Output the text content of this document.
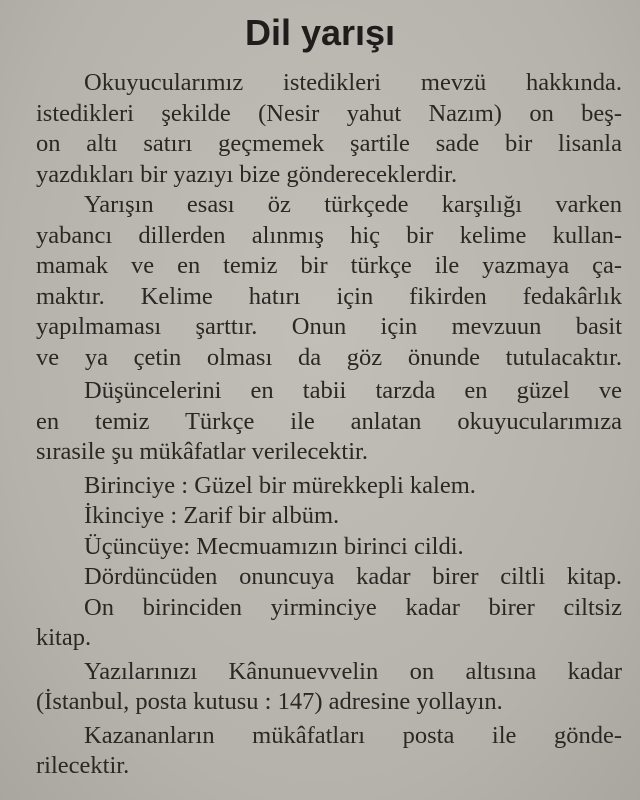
Dil yarışı
Okuyucularımız istedikleri mevzü hakkında.
istedikleri şekilde (Nesir yahut Nazım) on beş-
on altı satırı geçmemek şartile sade bir lisanla
yazdıkları bir yazıyı bize göndereceklerdir.
Yarışın esası öz türkçede karşılığı varken
yabancı dillerden alınmış hiç bir kelime kullan-
mamak ve en temiz bir türkçe ile yazmaya ça-
maktır. Kelime hatırı için fikirden fedakârlık
yapılmaması şarttır. Onun için mevzuun basit
ve ya çetin olması da göz önunde tutulacaktır.
Düşüncelerini en tabii tarzda en güzel ve
en temiz Türkçe ile anlatan okuyucularımıza
sırasile şu mükâfatlar verilecektir.
Birinciye : Güzel bir mürekkepli kalem.
İkinciye : Zarif bir albüm.
Üçüncüye: Mecmuamızın birinci cildi.
Dördüncüden onuncuya kadar birer ciltli kitap.
On birinciden yirminciye kadar birer ciltsiz
kitap.
Yazılarınızı Kânunuevvelin on altısına kadar
(İstanbul, posta kutusu : 147) adresine yollayın.
Kazananların mükâfatları posta ile gönde-
rilecektir.
